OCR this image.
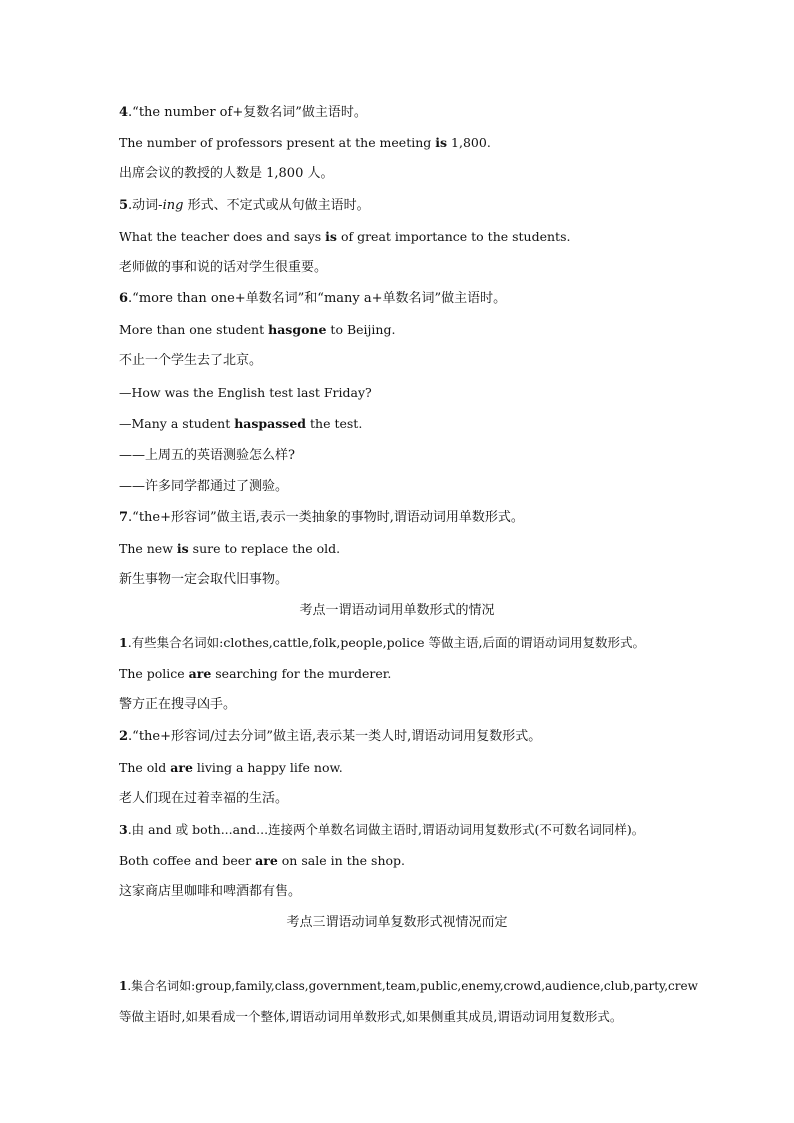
4.“the number of+复数名词”做主语时。
The number of professors present at the meeting is 1,800.
出席会议的教授的人数是 1,800 人。
5.动词-ing 形式、不定式或从句做主语时。
What the teacher does and says is of great importance to the students.
老师做的事和说的话对学生很重要。
6.“more than one+单数名词”和“many a+单数名词”做主语时。
More than one student hasgone to Beijing.
不止一个学生去了北京。
—How was the English test last Friday?
—Many a student haspassed the test.
——上周五的英语测验怎么样?
——许多同学都通过了测验。
7.“the+形容词”做主语,表示一类抽象的事物时,谓语动词用单数形式。
The new is sure to replace the old.
新生事物一定会取代旧事物。
考点一谓语动词用单数形式的情况
1.有些集合名词如:clothes,cattle,folk,people,police 等做主语,后面的谓语动词用复数形式。
The police are searching for the murderer.
警方正在搜寻凶手。
2.“the+形容词/过去分词”做主语,表示某一类人时,谓语动词用复数形式。
The old are living a happy life now.
老人们现在过着幸福的生活。
3.由 and 或 both...and...连接两个单数名词做主语时,谓语动词用复数形式(不可数名词同样)。
Both coffee and beer are on sale in the shop.
这家商店里咖啡和啤酒都有售。
考点三谓语动词单复数形式视情况而定
1.集合名词如:group,family,class,government,team,public,enemy,crowd,audience,club,party,crew
等做主语时,如果看成一个整体,谓语动词用单数形式,如果侧重其成员,谓语动词用复数形式。
